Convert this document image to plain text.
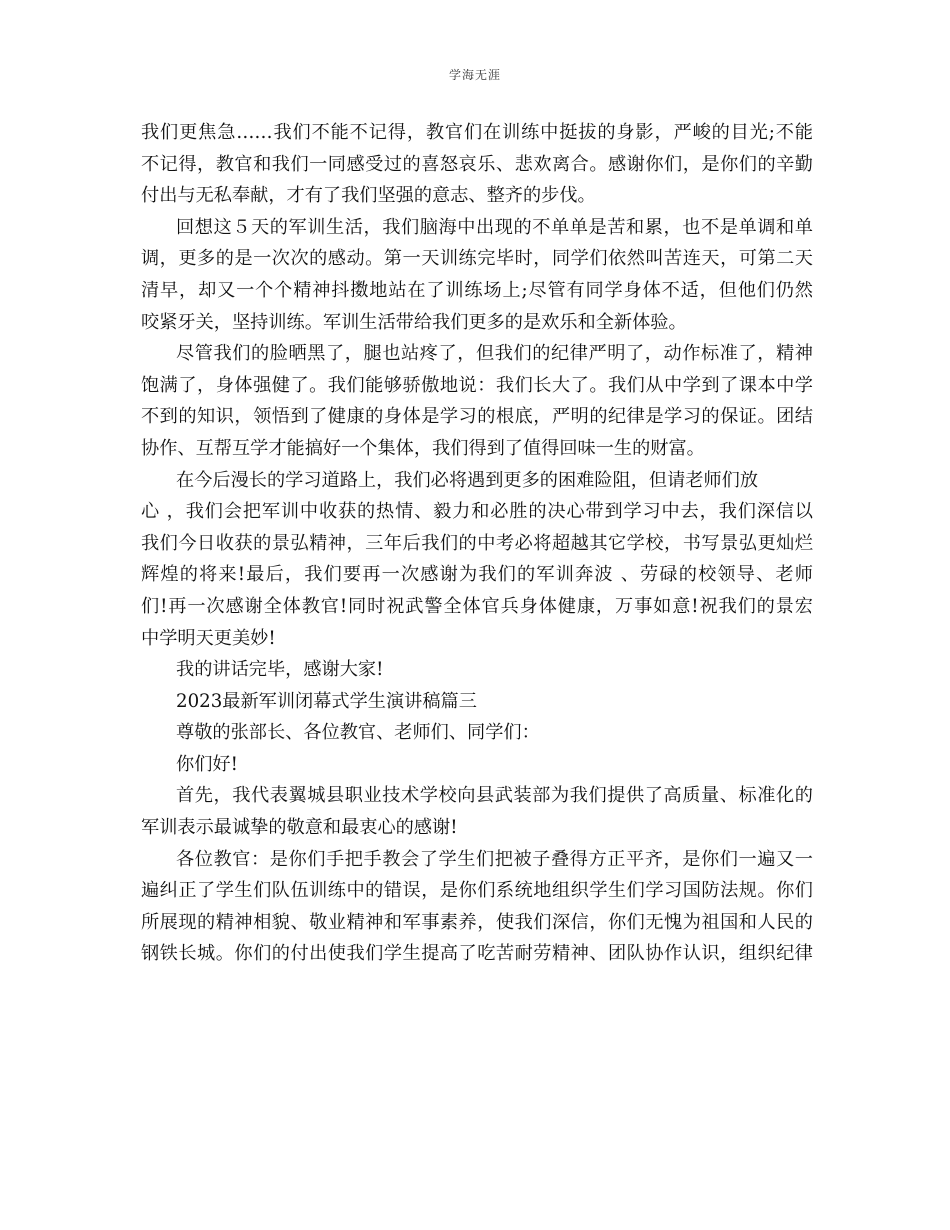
学海无涯
我们更焦急……我们不能不记得，教官们在训练中挺拔的身影，严峻的目光;不能
不记得，教官和我们一同感受过的喜怒哀乐、悲欢离合。感谢你们，是你们的辛勤
付出与无私奉献，才有了我们坚强的意志、整齐的步伐。
回想这５天的军训生活，我们脑海中出现的不单单是苦和累，也不是单调和单
调，更多的是一次次的感动。第一天训练完毕时，同学们依然叫苦连天，可第二天
清早，却又一个个精神抖擞地站在了训练场上;尽管有同学身体不适，但他们仍然
咬紧牙关，坚持训练。军训生活带给我们更多的是欢乐和全新体验。
尽管我们的脸晒黑了，腿也站疼了，但我们的纪律严明了，动作标准了，精神
饱满了，身体强健了。我们能够骄傲地说：我们长大了。我们从中学到了课本中学
不到的知识，领悟到了健康的身体是学习的根底，严明的纪律是学习的保证。团结
协作、互帮互学才能搞好一个集体，我们得到了值得回味一生的财富。
在今后漫长的学习道路上，我们必将遇到更多的困难险阻，但请老师们放
心 ，我们会把军训中收获的热情、毅力和必胜的决心带到学习中去，我们深信以
我们今日收获的景弘精神，三年后我们的中考必将超越其它学校，书写景弘更灿烂
辉煌的将来!最后，我们要再一次感谢为我们的军训奔波 、劳碌的校领导、老师
们!再一次感谢全体教官!同时祝武警全体官兵身体健康，万事如意!祝我们的景宏
中学明天更美妙!
我的讲话完毕，感谢大家!
2023最新军训闭幕式学生演讲稿篇三
尊敬的张部长、各位教官、老师们、同学们：
你们好!
首先，我代表翼城县职业技术学校向县武装部为我们提供了高质量、标准化的
军训表示最诚挚的敬意和最衷心的感谢!
各位教官：是你们手把手教会了学生们把被子叠得方正平齐，是你们一遍又一
遍纠正了学生们队伍训练中的错误，是你们系统地组织学生们学习国防法规。你们
所展现的精神相貌、敬业精神和军事素养，使我们深信，你们无愧为祖国和人民的
钢铁长城。你们的付出使我们学生提高了吃苦耐劳精神、团队协作认识，组织纪律
